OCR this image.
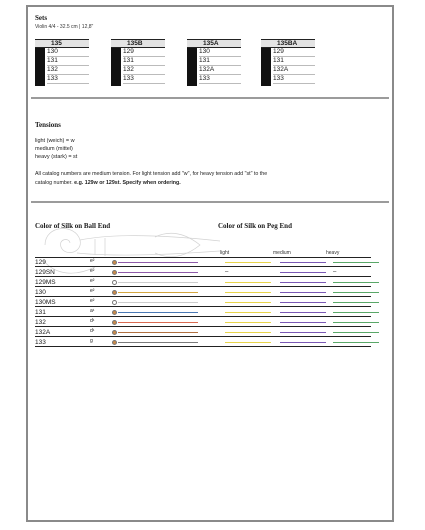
Sets
Violin 4/4 - 32.5 cm | 12,8"
135
130
131
132
133
135B
129
131
132
133
135A
130
131
132A
133
135BA
129
131
132A
133
Tensions
light (weich) = w
medium (mittel)
heavy (stark) = st
All catalog numbers are medium tension. For light tension add "w", for heavy tension add "st" to the
catalog number. e.g. 129w or 129st. Specify when ordering.
Color of Silk on Ball End	Color of Silk on Peg End
light	medium	heavy
129	e²
129SN	e²	–	–
129MS	e²
130	e²
130MS	e²
131	a¹
132	d¹
132A	d¹
133	g
